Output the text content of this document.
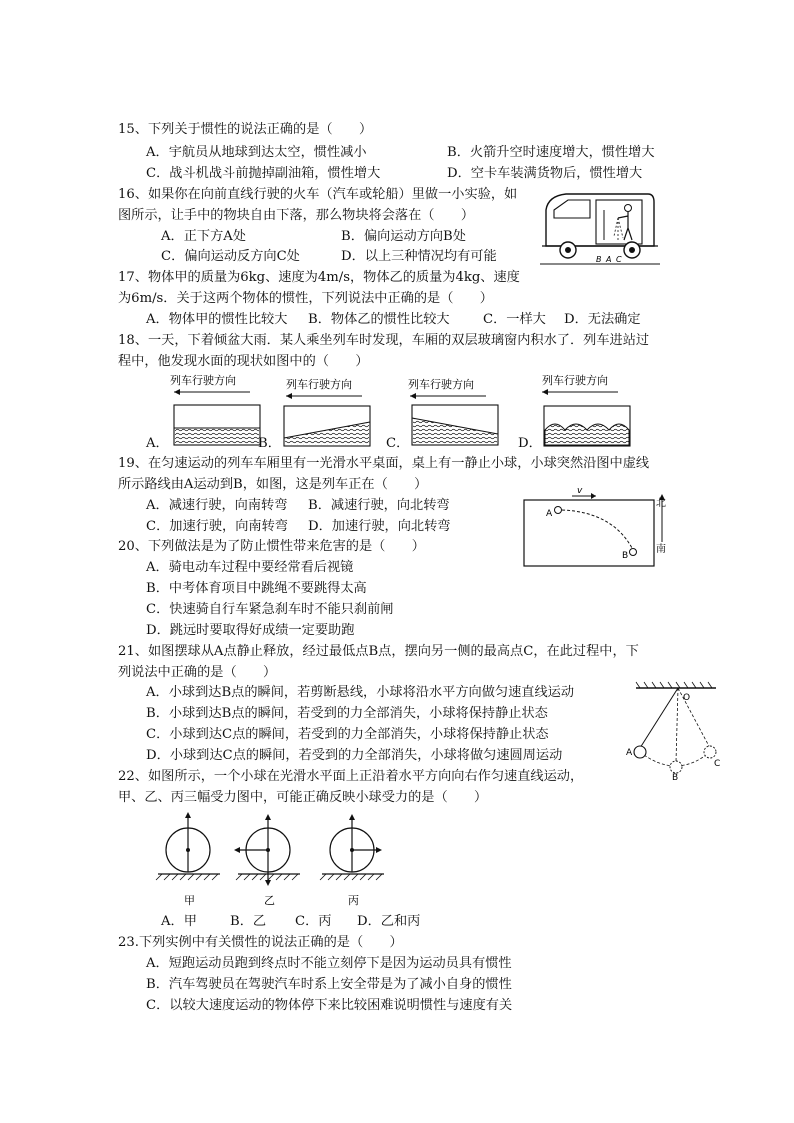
15、下列关于惯性的说法正确的是（　　）
A．宇航员从地球到达太空，惯性减小	B．火箭升空时速度增大，惯性增大
C．战斗机战斗前抛掉副油箱，惯性增大	D．空卡车装满货物后，惯性增大
16、如果你在向前直线行驶的火车（汽车或轮船）里做一小实验，如
图所示，让手中的物块自由下落，那么物块将会落在（　　）
A．正下方A处	B．偏向运动方向B处
C．偏向运动反方向C处	D．以上三种情况均有可能	B A C
17、物体甲的质量为6kg、速度为4m/s，物体乙的质量为4kg、速度
为6m/s．关于这两个物体的惯性，下列说法中正确的是（　　）
A．物体甲的惯性比较大 B．物体乙的惯性比较大	C．一样大 D．无法确定
18、一天，下着倾盆大雨．某人乘坐列车时发现，车厢的双层玻璃窗内积水了．列车进站过
程中，他发现水面的现状如图中的（　　）
列车行驶方向	列车行驶方向	列车行驶方向	列车行驶方向
A．	B．	C．	D．
19、在匀速运动的列车车厢里有一光滑水平桌面，桌上有一静止小球，小球突然沿图中虚线
所示路线由A运动到B，如图，这是列车正在（　　）
A．减速行驶，向南转弯 B．减速行驶，向北转弯
C．加速行驶，向南转弯 D．加速行驶，向北转弯
v
A
B
北
南
20、下列做法是为了防止惯性带来危害的是（　　）
A．骑电动车过程中要经常看后视镜
B．中考体育项目中跳绳不要跳得太高
C．快速骑自行车紧急刹车时不能只刹前闸
D．跳远时要取得好成绩一定要助跑
21、如图摆球从A点静止释放，经过最低点B点，摆向另一侧的最高点C，在此过程中，下
列说法中正确的是（　　）
A．小球到达B点的瞬间，若剪断悬线，小球将沿水平方向做匀速直线运动
B．小球到达B点的瞬间，若受到的力全部消失，小球将保持静止状态
C．小球到达C点的瞬间，若受到的力全部消失，小球将保持静止状态
D．小球到达C点的瞬间，若受到的力全部消失，小球将做匀速圆周运动
O
A
B
C
22、如图所示，一个小球在光滑水平面上正沿着水平方向向右作匀速直线运动，
甲、乙、丙三幅受力图中，可能正确反映小球受力的是（　　）
甲	乙	丙
A．甲	B．乙 C．丙 D．乙和丙
23.下列实例中有关惯性的说法正确的是（　　）
A．短跑运动员跑到终点时不能立刻停下是因为运动员具有惯性
B．汽车驾驶员在驾驶汽车时系上安全带是为了减小自身的惯性
C．以较大速度运动的物体停下来比较困难说明惯性与速度有关
